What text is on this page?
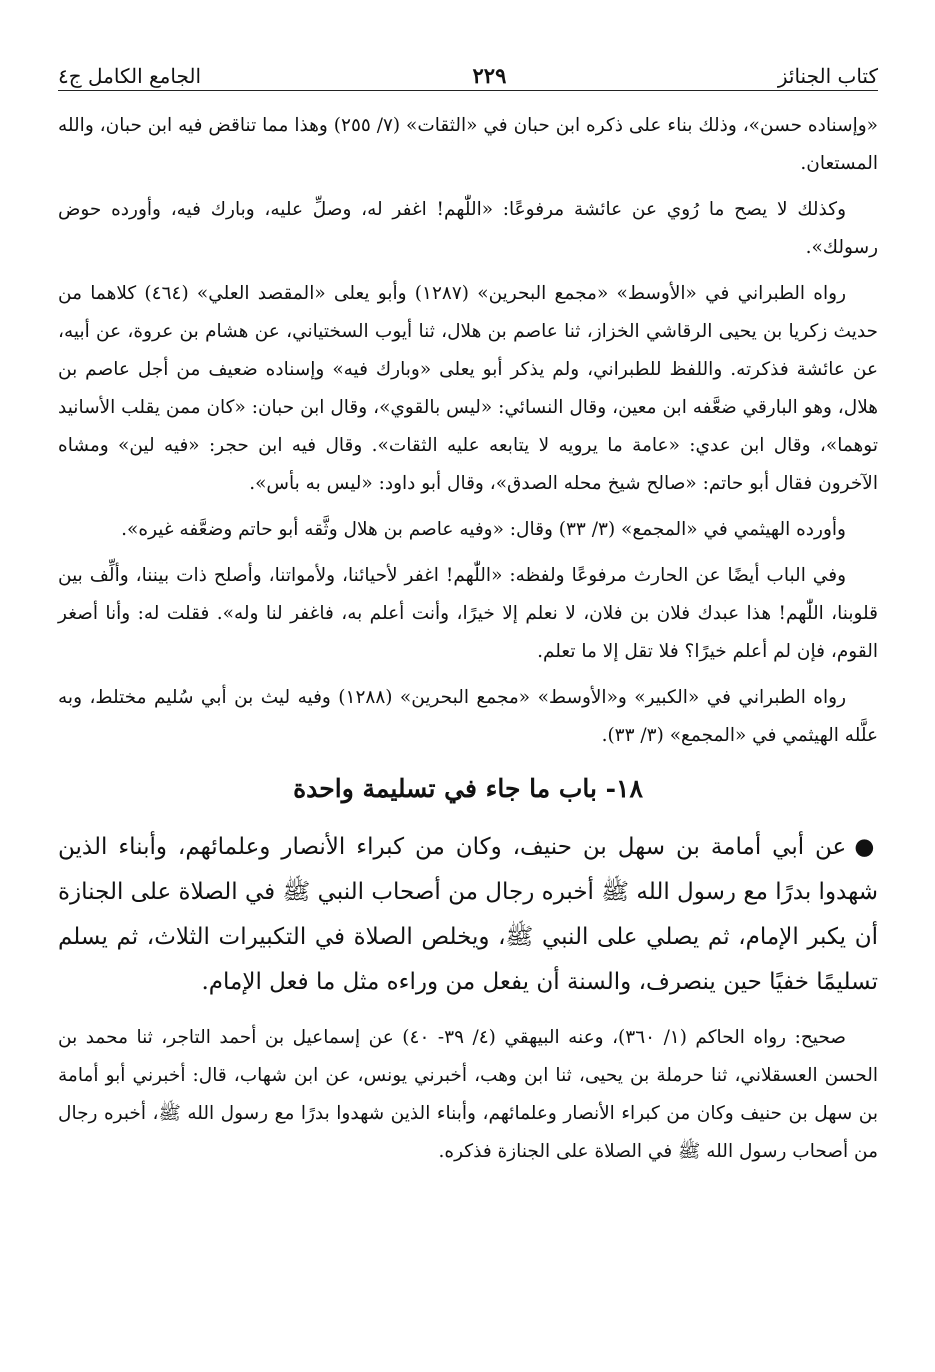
كتاب الجنائز
٢٢٩
الجامع الكامل ج٤

«وإسناده حسن»، وذلك بناء على ذكره ابن حبان في «الثقات» (٧/ ٢٥٥) وهذا مما تناقض فيه ابن حبان، والله المستعان.

وكذلك لا يصح ما رُوي عن عائشة مرفوعًا: «اللّٰهم! اغفر له، وصلِّ عليه، وبارك فيه، وأورده حوض رسولك».

رواه الطبراني في «الأوسط» «مجمع البحرين» (١٢٨٧) وأبو يعلى «المقصد العلي» (٤٦٤) كلاهما من حديث زكريا بن يحيى الرقاشي الخزاز، ثنا عاصم بن هلال، ثنا أيوب السختياني، عن هشام بن عروة، عن أبيه، عن عائشة فذكرته. واللفظ للطبراني، ولم يذكر أبو يعلى «وبارك فيه» وإسناده ضعيف من أجل عاصم بن هلال، وهو البارقي ضعَّفه ابن معين، وقال النسائي: «ليس بالقوي»، وقال ابن حبان: «كان ممن يقلب الأسانيد توهما»، وقال ابن عدي: «عامة ما يرويه لا يتابعه عليه الثقات». وقال فيه ابن حجر: «فيه لين» ومشاه الآخرون فقال أبو حاتم: «صالح شيخ محله الصدق»، وقال أبو داود: «ليس به بأس».

وأورده الهيثمي في «المجمع» (٣/ ٣٣) وقال: «وفيه عاصم بن هلال وثَّقه أبو حاتم وضعَّفه غيره».

وفي الباب أيضًا عن الحارث مرفوعًا ولفظه: «اللّٰهم! اغفر لأحيائنا، ولأمواتنا، وأصلح ذات بيننا، وألِّف بين قلوبنا، اللّٰهم! هذا عبدك فلان بن فلان، لا نعلم إلا خيرًا، وأنت أعلم به، فاغفر لنا وله». فقلت له: وأنا أصغر القوم، فإن لم أعلم خيرًا؟ فلا تقل إلا ما تعلم.

رواه الطبراني في «الكبير» و«الأوسط» «مجمع البحرين» (١٢٨٨) وفيه ليث بن أبي سُليم مختلط، وبه علَّله الهيثمي في «المجمع» (٣/ ٣٣).

١٨- باب ما جاء في تسليمة واحدة

●عن أبي أمامة بن سهل بن حنيف، وكان من كبراء الأنصار وعلمائهم، وأبناء الذين شهدوا بدرًا مع رسول الله ﷺ أخبره رجال من أصحاب النبي ﷺ في الصلاة على الجنازة أن يكبر الإمام، ثم يصلي على النبي ﷺ، ويخلص الصلاة في التكبيرات الثلاث، ثم يسلم تسليمًا خفيًا حين ينصرف، والسنة أن يفعل من وراءه مثل ما فعل الإمام.

صحيح: رواه الحاكم (١/ ٣٦٠)، وعنه البيهقي (٤/ ٣٩- ٤٠) عن إسماعيل بن أحمد التاجر، ثنا محمد بن الحسن العسقلاني، ثنا حرملة بن يحيى، ثنا ابن وهب، أخبرني يونس، عن ابن شهاب، قال: أخبرني أبو أمامة بن سهل بن حنيف وكان من كبراء الأنصار وعلمائهم، وأبناء الذين شهدوا بدرًا مع رسول الله ﷺ، أخبره رجال من أصحاب رسول الله ﷺ في الصلاة على الجنازة فذكره.
